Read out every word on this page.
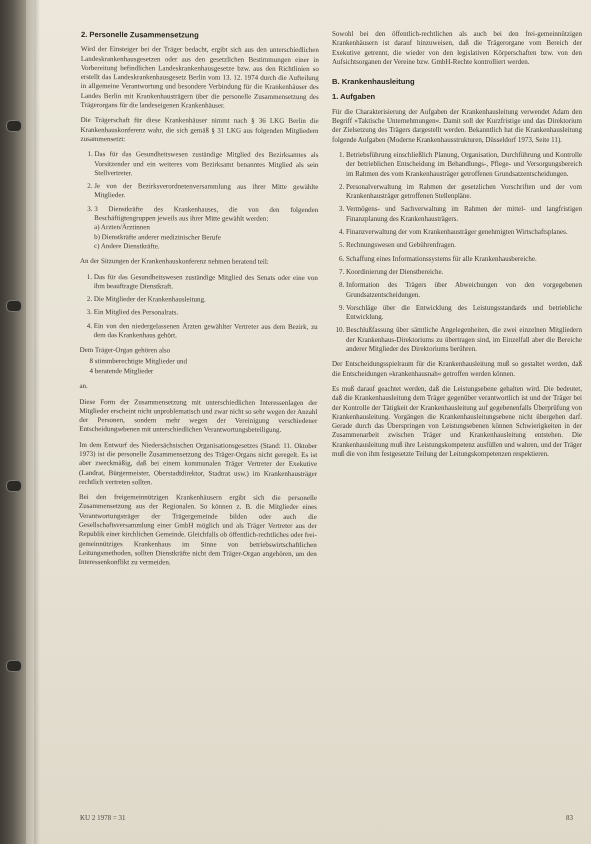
2. Personelle Zusammensetzung

Wird der Einsteiger bei der Träger bedacht, ergibt sich aus den unterschiedlichen Landeskrankenhausgesetzen oder aus den gesetzlichen Bestimmungen einer in Vorbereitung befindlichen Landeskrankenhausgesetze bzw. aus den Richtlinien so erstellt das Landeskrankenhausgesetz Berlin vom 13. 12. 1974 durch die Aufteilung in allgemeine Verantwortung und besondere Verbindung für die Krankenhäuser des Landes Berlin mit Krankenhausträgern über die personelle Zusammensetzung des Trägerorgans für die landeseigenen Krankenhäuser.

Die Trägerschaft für diese Krankenhäuser nimmt nach § 36 LKG Berlin die Krankenhauskonferenz wahr, die sich gemäß § 31 LKG aus folgenden Mitgliedern zusammensetzt:

1. Das für das Gesundheitswesen zuständige Mitglied des Bezirksamtes als Vorsitzender und ein weiteres vom Bezirksamt benanntes Mitglied als sein Stellvertreter.
2. Je von der Bezirksverordnetenversammlung aus ihrer Mitte gewählte Mitglieder.
3. 3 Dienstkräfte des Krankenhauses, die von den folgenden Beschäftigtengruppen jeweils aus ihrer Mitte gewählt werden:
a) Arzten/Ärztinnen
b) Dienstkräfte anderer medizinischer Berufe
c) Andere Dienstkräfte.

An der Sitzungen der Krankenhauskonferenz nehmen beratend teil:

1. Das für das Gesundheitswesen zuständige Mitglied des Senats oder eine von ihm beauftragte Dienstkraft.
2. Die Mitglieder der Krankenhausleitung.
3. Ein Mitglied des Personalrats.
4. Ein von den niedergelassenen Ärzten gewählter Vertreter aus dem Bezirk, zu dem das Krankenhaus gehört.

Dem Träger-Organ gehören also

8 stimmberechtigte Mitglieder und
4 beratende Mitglieder

an.

Diese Form der Zusammensetzung mit unterschiedlichen Interessenlagen der Mitglieder erscheint nicht unproblematisch und zwar nicht so sehr wegen der Anzahl der Personen, sondern mehr wegen der Vereinigung verschiedener Entscheidungsebenen mit unterschiedlichen Verantwortungsbeteiligung.

Im dem Entwurf des Niedersächsischen Organisationsgesetzes (Stand: 11. Oktober 1973) ist die personelle Zusammensetzung des Träger-Organs nicht geregelt. Es ist aber zweckmäßig, daß bei einem kommunalen Träger Vertreter der Exekutive (Landrat, Bürgermeister, Oberstadtdirektor, Stadtrat usw.) im Krankenhausträger rechtlich vertreten sollten.

Bei den freigemeinnützigen Krankenhäusern ergibt sich die personelle Zusammensetzung aus der Regionalen. So können z. B. die Mitglieder eines Verantwortungsträger der Trägergemeinde bilden oder auch die Gesellschaftsversammlung einer GmbH möglich und als Träger Vertreter aus der Republik einer kirchlichen Gemeinde. Gleichfalls ob öffentlich-rechtliches oder frei-gemeinnütziges Krankenhaus im Sinne von betriebswirtschaftlichen Leitungsmethoden, sollten Dienstkräfte nicht dem Träger-Organ angehören, um den Interessenkonflikt zu vermeiden.

Sowohl bei den öffentlich-rechtlichen als auch bei den frei-gemeinnützigen Krankenhäusern ist darauf hinzuweisen, daß die Trägerorgane vom Bereich der Exekutive getrennt, die wieder von den legislativen Körperschaften bzw. von den Aufsichtsorganen der Vereine bzw. GmbH-Rechte kontrolliert werden.

B. Krankenhausleitung
1. Aufgaben

Für die Charakterisierung der Aufgaben der Krankenhausleitung verwendet Adam den Begriff »Taktische Unternehmungen«. Damit soll der Kurzfristige und das Direktorium der Zielsetzung des Trägers dargestellt werden. Bekanntlich hat die Krankenhausleitung folgende Aufgaben (Moderne Krankenhausstrukturen, Düsseldorf 1973, Seite 11).

1. Betriebsführung einschließlich Planung, Organisation, Durchführung und Kontrolle der betrieblichen Entscheidung im Behandlungs-, Pflege- und Versorgungsbereich im Rahmen des vom Krankenhausträger getroffenen Grundsatzentscheidungen.
2. Personalverwaltung im Rahmen der gesetzlichen Vorschriften und der vom Krankenhausträger getroffenen Stellenpläne.
3. Vermögens- und Sachverwaltung im Rahmen der mittel- und langfristigen Finanzplanung des Krankenhausträgers.
4. Finanzverwaltung der vom Krankenhausträger genehmigten Wirtschaftsplanes.
5. Rechnungswesen und Gebührenfragen.
6. Schaffung eines Informationssystems für alle Krankenhausbereiche.
7. Koordinierung der Dienstbereiche.
8. Information des Trägers über Abweichungen von den vorgegebenen Grundsatzentscheidungen.
9. Vorschläge über die Entwicklung des Leistungsstandards und betriebliche Entwicklung.
10. Beschlußfassung über sämtliche Angelegenheiten, die zwei einzelnen Mitgliedern der Krankenhaus-Direktoriums zu übertragen sind, im Einzelfall aber die Bereiche anderer Mitglieder des Direktoriums berühren.

Der Entscheidungsspielraum für die Krankenhausleitung muß so gestaltet werden, daß die Entscheidungen »krankenhausnah« getroffen werden können.

Es muß darauf geachtet werden, daß die Leistungsebene gehalten wird. Die bedeutet, daß die Krankenhausleitung dem Träger gegenüber verantwortlich ist und der Träger bei der Kontrolle der Tätigkeit der Krankenhausleitung auf gegebenenfalls Überprüfung von Krankenhausleitung. Vorgängen die Krankenhausleitungsebene nicht übergehen darf. Gerade durch das Überspringen von Leistungsebenen können Schwierigkeiten in der Zusammenarbeit zwischen Träger und Krankenhausleitung entstehen. Die Krankenhausleitung muß ihre Leistungskompetenz ausfüllen und wahren, und der Träger muß die von ihm festgesetzte Teilung der Leitungskompetenzen respektieren.

KU 2 1978 = 31	83
